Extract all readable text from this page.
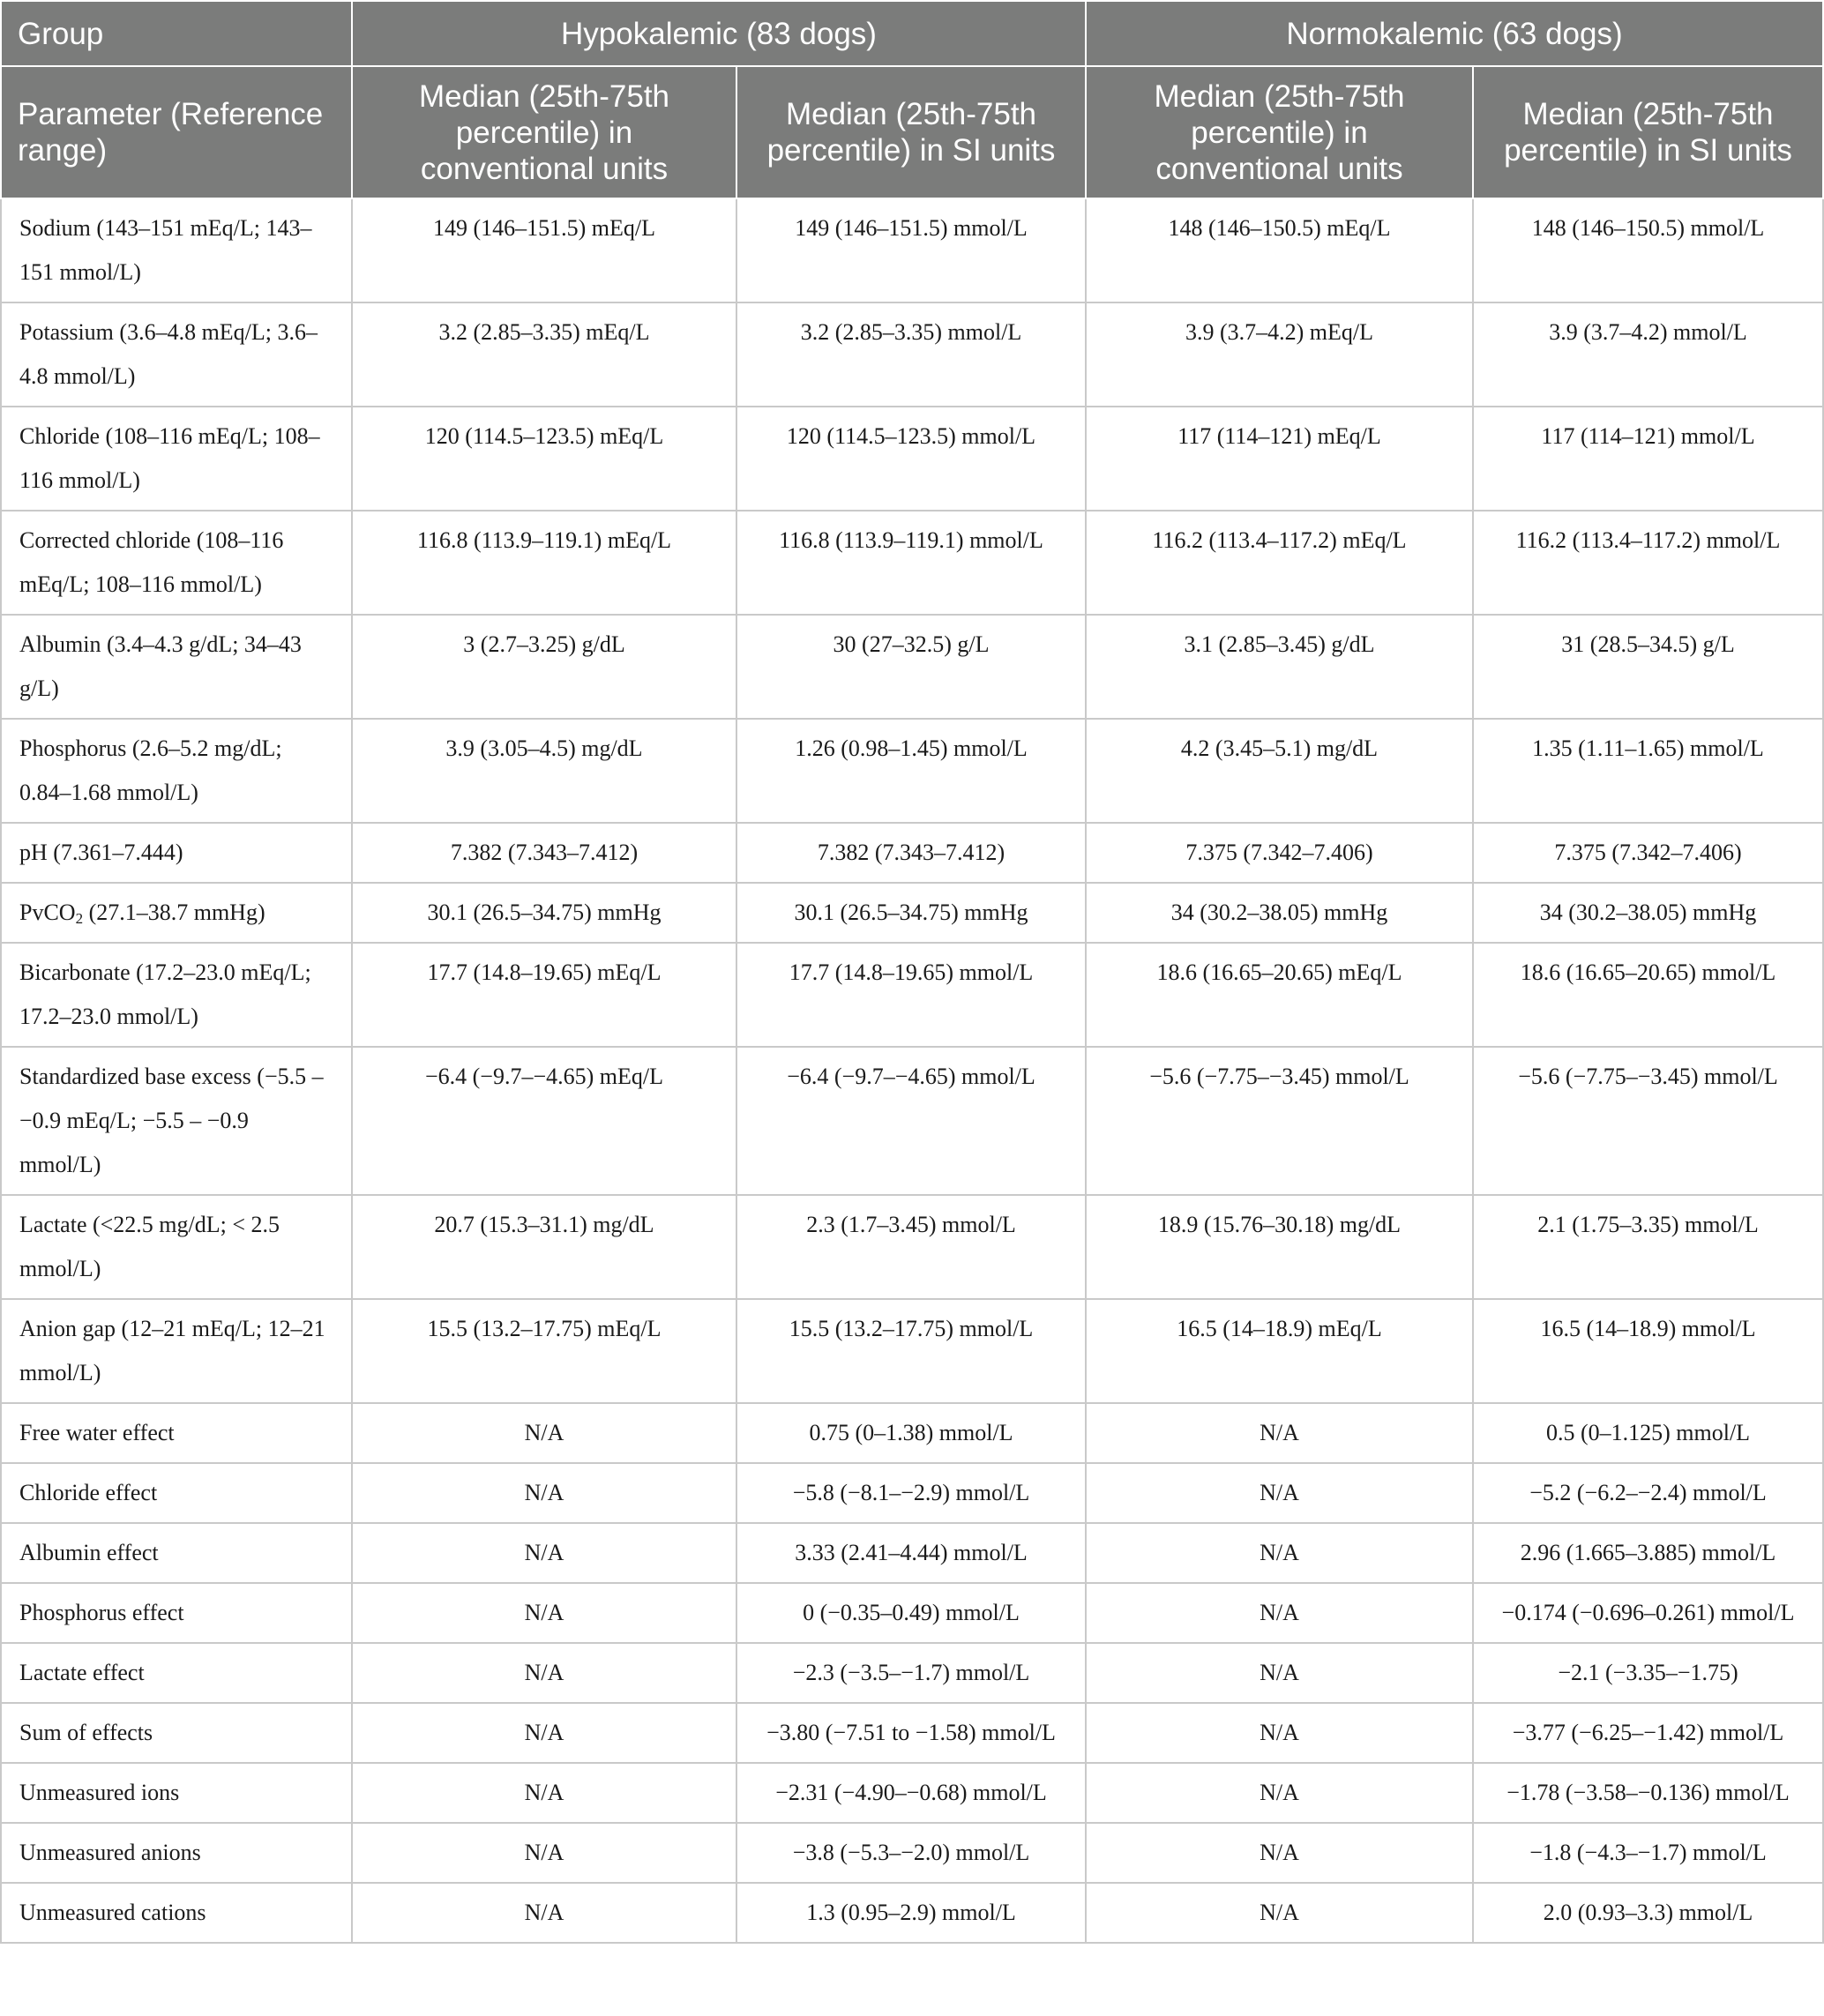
Group	Hypokalemic (83 dogs)		Normokalemic (63 dogs)	
Parameter (Reference range)	Median (25th-75th percentile) in conventional units	Median (25th-75th percentile) in SI units	Median (25th-75th percentile) in conventional units	Median (25th-75th percentile) in SI units
Sodium (143–151 mEq/L; 143–151 mmol/L)	149 (146–151.5) mEq/L	149 (146–151.5) mmol/L	148 (146–150.5) mEq/L	148 (146–150.5) mmol/L
Potassium (3.6–4.8 mEq/L; 3.6–4.8 mmol/L)	3.2 (2.85–3.35) mEq/L	3.2 (2.85–3.35) mmol/L	3.9 (3.7–4.2) mEq/L	3.9 (3.7–4.2) mmol/L
Chloride (108–116 mEq/L; 108–116 mmol/L)	120 (114.5–123.5) mEq/L	120 (114.5–123.5) mmol/L	117 (114–121) mEq/L	117 (114–121) mmol/L
Corrected chloride (108–116 mEq/L; 108–116 mmol/L)	116.8 (113.9–119.1) mEq/L	116.8 (113.9–119.1) mmol/L	116.2 (113.4–117.2) mEq/L	116.2 (113.4–117.2) mmol/L
Albumin (3.4–4.3 g/dL; 34–43 g/L)	3 (2.7–3.25) g/dL	30 (27–32.5) g/L	3.1 (2.85–3.45) g/dL	31 (28.5–34.5) g/L
Phosphorus (2.6–5.2 mg/dL; 0.84–1.68 mmol/L)	3.9 (3.05–4.5) mg/dL	1.26 (0.98–1.45) mmol/L	4.2 (3.45–5.1) mg/dL	1.35 (1.11–1.65) mmol/L
pH (7.361–7.444)	7.382 (7.343–7.412)	7.382 (7.343–7.412)	7.375 (7.342–7.406)	7.375 (7.342–7.406)
PvCO$_2$ (27.1–38.7 mmHg)	30.1 (26.5–34.75) mmHg	30.1 (26.5–34.75) mmHg	34 (30.2–38.05) mmHg	34 (30.2–38.05) mmHg
Bicarbonate (17.2–23.0 mEq/L; 17.2–23.0 mmol/L)	17.7 (14.8–19.65) mEq/L	17.7 (14.8–19.65) mmol/L	18.6 (16.65–20.65) mEq/L	18.6 (16.65–20.65) mmol/L
Standardized base excess (−5.5 – −0.9 mEq/L; −5.5 – −0.9 mmol/L)	−6.4 (−9.7–−4.65) mEq/L	−6.4 (−9.7–−4.65) mmol/L	−5.6 (−7.75–−3.45) mmol/L	−5.6 (−7.75–−3.45) mmol/L
Lactate (<22.5 mg/dL; < 2.5 mmol/L)	20.7 (15.3–31.1) mg/dL	2.3 (1.7–3.45) mmol/L	18.9 (15.76–30.18) mg/dL	2.1 (1.75–3.35) mmol/L
Anion gap (12–21 mEq/L; 12–21 mmol/L)	15.5 (13.2–17.75) mEq/L	15.5 (13.2–17.75) mmol/L	16.5 (14–18.9) mEq/L	16.5 (14–18.9) mmol/L
Free water effect	N/A	0.75 (0–1.38) mmol/L	N/A	0.5 (0–1.125) mmol/L
Chloride effect	N/A	−5.8 (−8.1–−2.9) mmol/L	N/A	−5.2 (−6.2–−2.4) mmol/L
Albumin effect	N/A	3.33 (2.41–4.44) mmol/L	N/A	2.96 (1.665–3.885) mmol/L
Phosphorus effect	N/A	0 (−0.35–0.49) mmol/L	N/A	−0.174 (−0.696–0.261) mmol/L
Lactate effect	N/A	−2.3 (−3.5–−1.7) mmol/L	N/A	−2.1 (−3.35–−1.75)
Sum of effects	N/A	−3.80 (−7.51 to −1.58) mmol/L	N/A	−3.77 (−6.25–−1.42) mmol/L
Unmeasured ions	N/A	−2.31 (−4.90–−0.68) mmol/L	N/A	−1.78 (−3.58–−0.136) mmol/L
Unmeasured anions	N/A	−3.8 (−5.3–−2.0) mmol/L	N/A	−1.8 (−4.3–−1.7) mmol/L
Unmeasured cations	N/A	1.3 (0.95–2.9) mmol/L	N/A	2.0 (0.93–3.3) mmol/L
